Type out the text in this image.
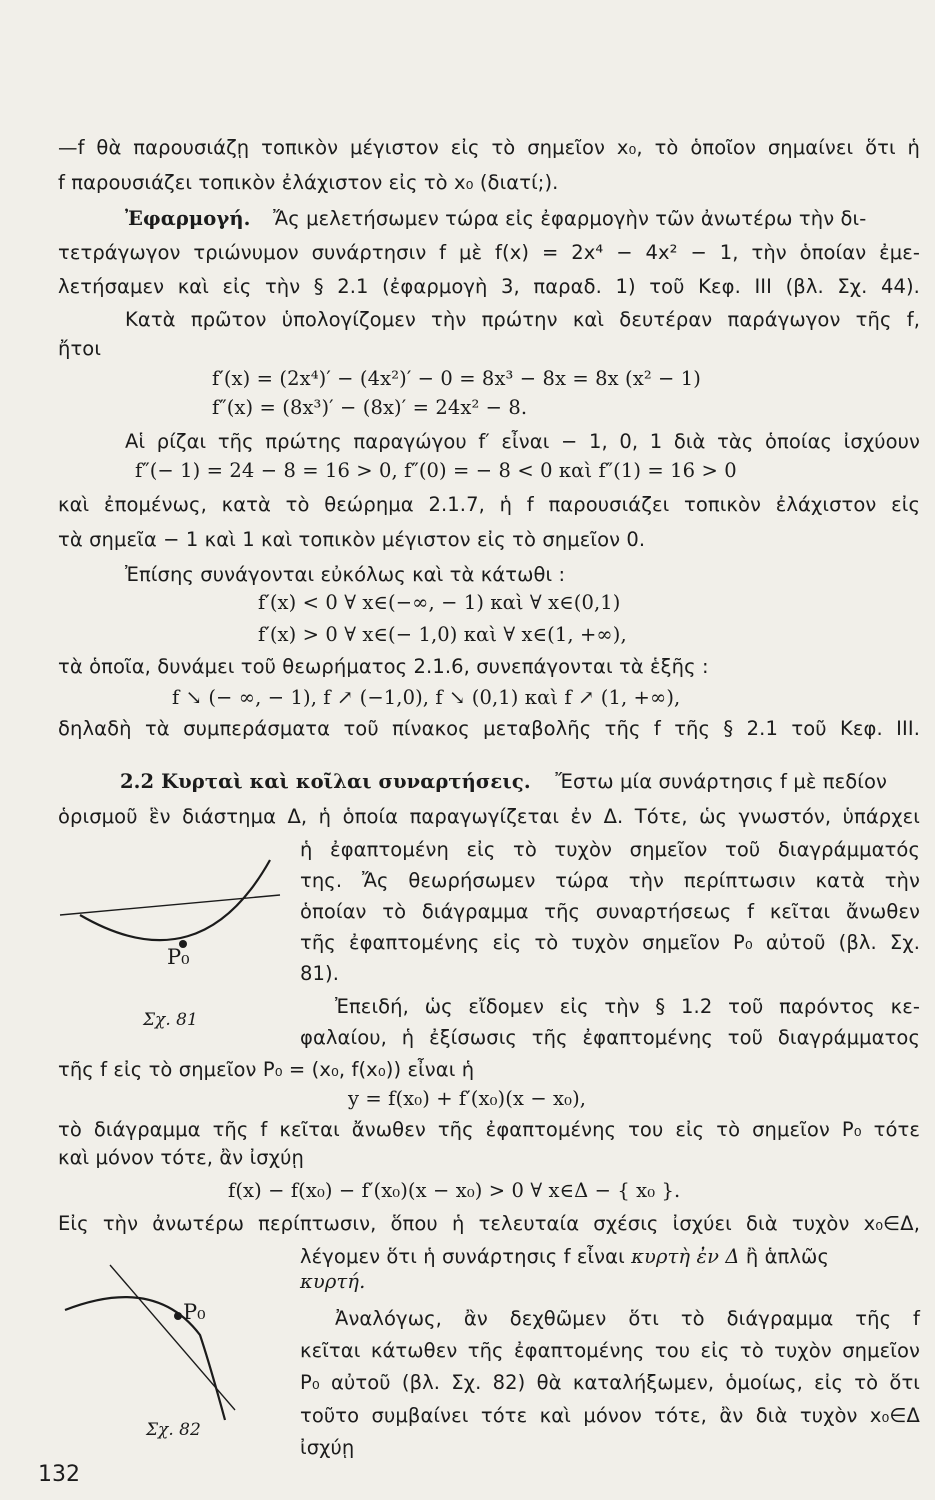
—f θὰ παρουσιάζῃ τοπικὸν μέγιστον εἰς τὸ σημεῖον x₀, τὸ ὁποῖον σημαίνει ὅτι ἡ
f παρουσιάζει τοπικὸν ἐλάχιστον εἰς τὸ x₀ (διατί;).
Ἐφαρμογή. Ἄς μελετήσωμεν τώρα εἰς ἐφαρμογὴν τῶν ἀνωτέρω τὴν δι-
τετράγωγον τριώνυμον συνάρτησιν f μὲ f(x) = 2x⁴ − 4x² − 1, τὴν ὁποίαν ἐμε-
λετήσαμεν καὶ εἰς τὴν § 2.1 (ἐφαρμογὴ 3, παραδ. 1) τοῦ Κεφ. III (βλ. Σχ. 44).
Κατὰ πρῶτον ὑπολογίζομεν τὴν πρώτην καὶ δευτέραν παράγωγον τῆς f,
ἤτοι
f′(x) = (2x⁴)′ − (4x²)′ − 0 = 8x³ − 8x = 8x (x² − 1)
f″(x) = (8x³)′ − (8x)′ = 24x² − 8.
Αἱ ρίζαι τῆς πρώτης παραγώγου f′ εἶναι − 1, 0, 1 διὰ τὰς ὁποίας ἰσχύουν
f″(− 1) = 24 − 8 = 16 > 0, f″(0) = − 8 < 0 καὶ f″(1) = 16 > 0
καὶ ἐπομένως, κατὰ τὸ θεώρημα 2.1.7, ἡ f παρουσιάζει τοπικὸν ἐλάχιστον εἰς
τὰ σημεῖα − 1 καὶ 1 καὶ τοπικὸν μέγιστον εἰς τὸ σημεῖον 0.
Ἐπίσης συνάγονται εὐκόλως καὶ τὰ κάτωθι :
f′(x) < 0 ∀ x∈(−∞, − 1) καὶ ∀ x∈(0,1)
f′(x) > 0 ∀ x∈(− 1,0) καὶ ∀ x∈(1, +∞),
τὰ ὁποῖα, δυνάμει τοῦ θεωρήματος 2.1.6, συνεπάγονται τὰ ἑξῆς :
f ↘ (− ∞, − 1), f ↗ (−1,0), f ↘ (0,1) καὶ f ↗ (1, +∞),
δηλαδὴ τὰ συμπεράσματα τοῦ πίνακος μεταβολῆς τῆς f τῆς § 2.1 τοῦ Κεφ. III.
2.2 Κυρταὶ καὶ κοῖλαι συναρτήσεις. Ἔστω μία συνάρτησις f μὲ πεδίον
ὁρισμοῦ ἓν διάστημα Δ, ἡ ὁποία παραγωγίζεται ἐν Δ. Τότε, ὡς γνωστόν, ὑπάρχει
ἡ ἐφαπτομένη εἰς τὸ τυχὸν σημεῖον τοῦ διαγράμματός
της. Ἄς θεωρήσωμεν τώρα τὴν περίπτωσιν κατὰ τὴν
ὁποίαν τὸ διάγραμμα τῆς συναρτήσεως f κεῖται ἄνωθεν
τῆς ἐφαπτομένης εἰς τὸ τυχὸν σημεῖον P₀ αὐτοῦ (βλ. Σχ.
81).
Ἐπειδή, ὡς εἴδομεν εἰς τὴν § 1.2 τοῦ παρόντος κε-
φαλαίου, ἡ ἐξίσωσις τῆς ἐφαπτομένης τοῦ διαγράμματος
τῆς f εἰς τὸ σημεῖον P₀ = (x₀, f(x₀)) εἶναι ἡ
y = f(x₀) + f′(x₀)(x − x₀),
τὸ διάγραμμα τῆς f κεῖται ἄνωθεν τῆς ἐφαπτομένης του εἰς τὸ σημεῖον P₀ τότε
καὶ μόνον τότε, ἂν ἰσχύῃ
f(x) − f(x₀) − f′(x₀)(x − x₀) > 0 ∀ x∈Δ − { x₀ }.
Εἰς τὴν ἀνωτέρω περίπτωσιν, ὅπου ἡ τελευταία σχέσις ἰσχύει διὰ τυχὸν x₀∈Δ,
λέγομεν ὅτι ἡ συνάρτησις f εἶναι κυρτὴ ἐν Δ ἢ ἁπλῶς
κυρτή.
Ἀναλόγως, ἂν δεχθῶμεν ὅτι τὸ διάγραμμα τῆς f
κεῖται κάτωθεν τῆς ἐφαπτομένης του εἰς τὸ τυχὸν σημεῖον
P₀ αὐτοῦ (βλ. Σχ. 82) θὰ καταλήξωμεν, ὁμοίως, εἰς τὸ ὅτι
τοῦτο συμβαίνει τότε καὶ μόνον τότε, ἂν διὰ τυχὸν x₀∈Δ
ἰσχύῃ
P₀
Σχ. 81
P₀
Σχ. 82
132
